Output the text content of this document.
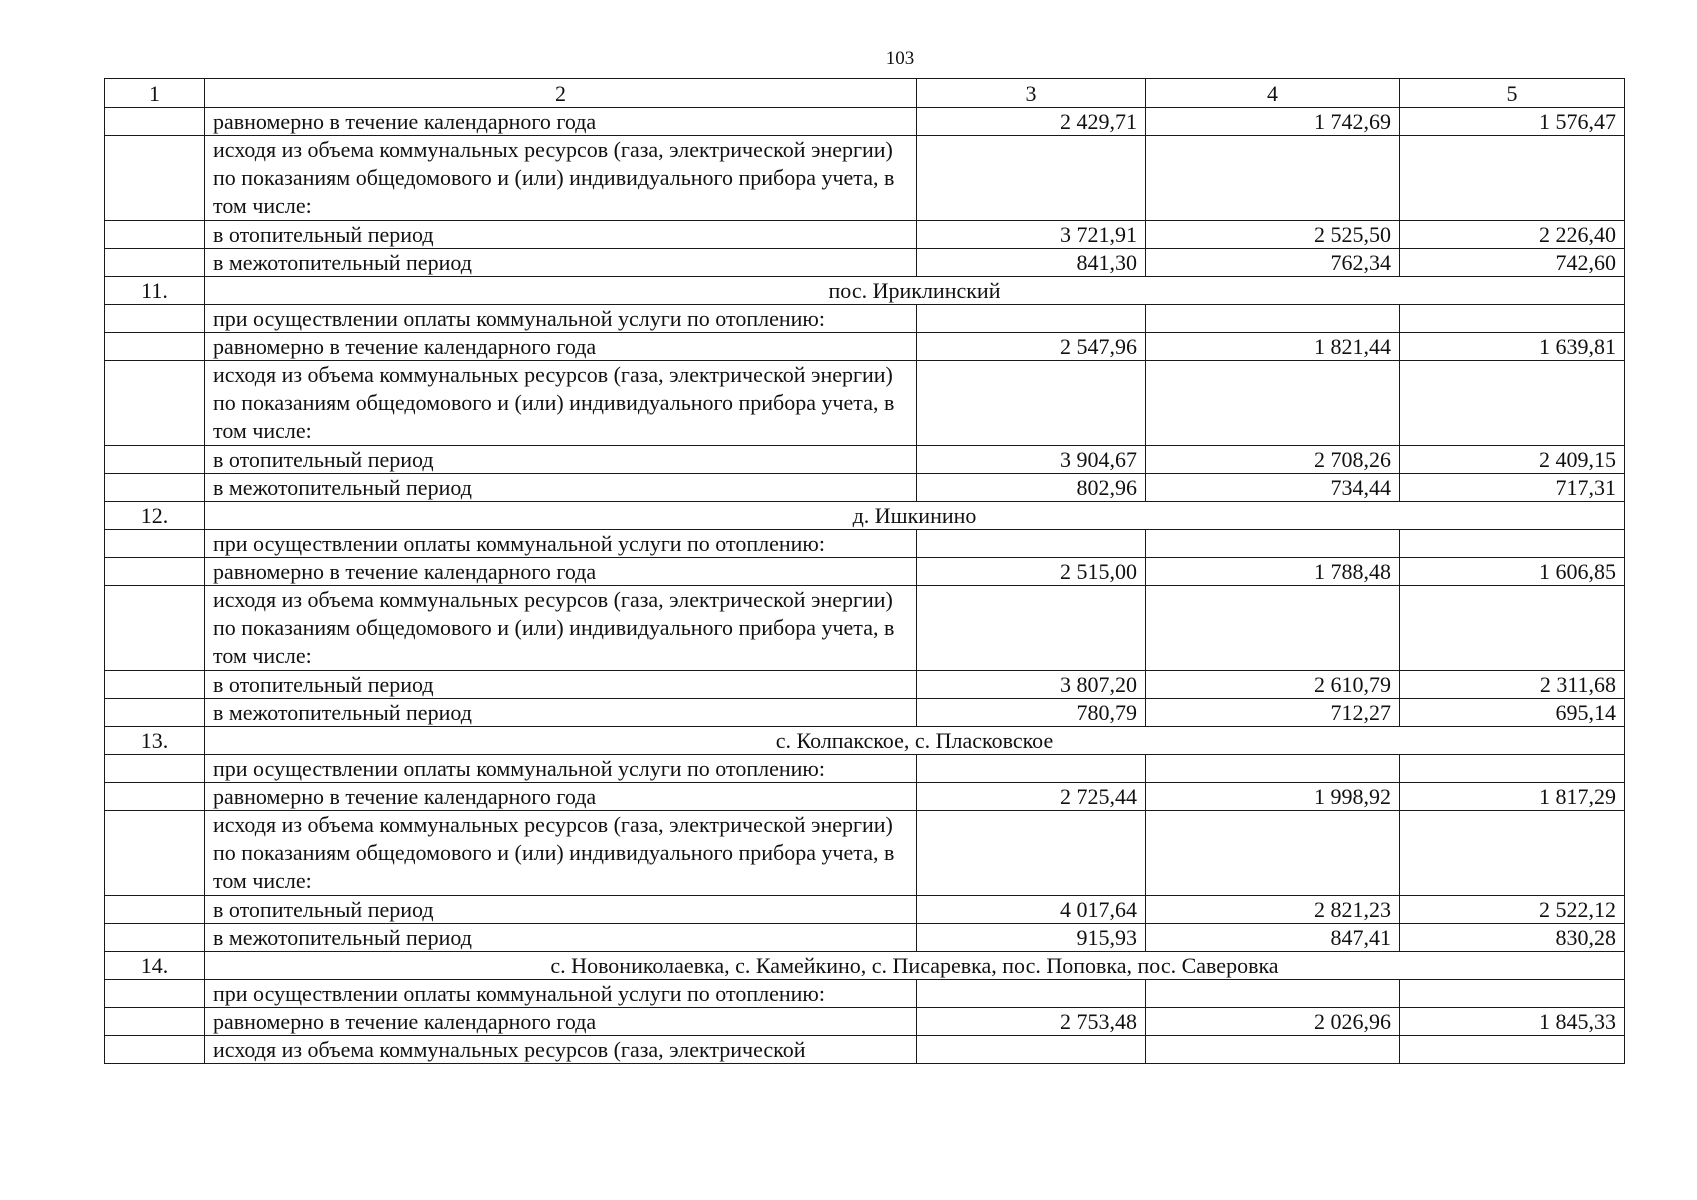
103
1	2	3	4	5
	равномерно в течение календарного года	2 429,71	1 742,69	1 576,47
	исходя из объема коммунальных ресурсов (газа, электрической энергии) по показаниям общедомового и (или) индивидуального прибора учета, в том числе:			
	в отопительный период	3 721,91	2 525,50	2 226,40
	в межотопительный период	841,30	762,34	742,60
11.	пос. Ириклинский			
	при осуществлении оплаты коммунальной услуги по отоплению:			
	равномерно в течение календарного года	2 547,96	1 821,44	1 639,81
	исходя из объема коммунальных ресурсов (газа, электрической энергии) по показаниям общедомового и (или) индивидуального прибора учета, в том числе:			
	в отопительный период	3 904,67	2 708,26	2 409,15
	в межотопительный период	802,96	734,44	717,31
12.	д. Ишкинино			
	при осуществлении оплаты коммунальной услуги по отоплению:			
	равномерно в течение календарного года	2 515,00	1 788,48	1 606,85
	исходя из объема коммунальных ресурсов (газа, электрической энергии) по показаниям общедомового и (или) индивидуального прибора учета, в том числе:			
	в отопительный период	3 807,20	2 610,79	2 311,68
	в межотопительный период	780,79	712,27	695,14
13.	с. Колпакское, с. Пласковское			
	при осуществлении оплаты коммунальной услуги по отоплению:			
	равномерно в течение календарного года	2 725,44	1 998,92	1 817,29
	исходя из объема коммунальных ресурсов (газа, электрической энергии) по показаниям общедомового и (или) индивидуального прибора учета, в том числе:			
	в отопительный период	4 017,64	2 821,23	2 522,12
	в межотопительный период	915,93	847,41	830,28
14.	с. Новониколаевка, с. Камейкино, с. Писаревка, пос. Поповка, пос. Саверовка			
	при осуществлении оплаты коммунальной услуги по отоплению:			
	равномерно в течение календарного года	2 753,48	2 026,96	1 845,33
	исходя из объема коммунальных ресурсов (газа, электрической			
